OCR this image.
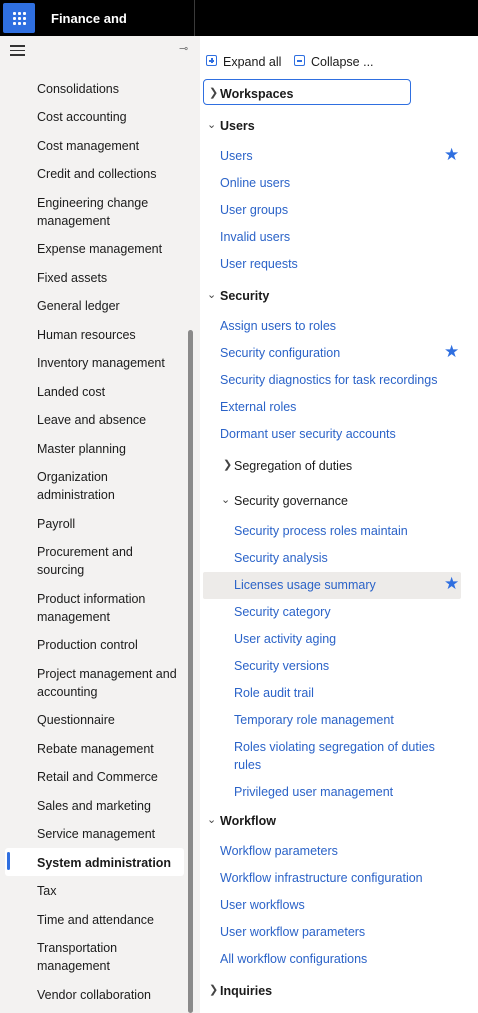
Finance and
⊸
Consolidations
Cost accounting
Cost management
Credit and collections
Engineering change management
Expense management
Fixed assets
General ledger
Human resources
Inventory management
Landed cost
Leave and absence
Master planning
Organization administration
Payroll
Procurement and sourcing
Product information management
Production control
Project management and accounting
Questionnaire
Rebate management
Retail and Commerce
Sales and marketing
Service management
System administration
Tax
Time and attendance
Transportation management
Vendor collaboration
Expand all	Collapse ...
❯ Workspaces
⌄ Users
Users	★
Online users
User groups
Invalid users
User requests
⌄ Security
Assign users to roles
Security configuration	★
Security diagnostics for task recordings
External roles
Dormant user security accounts
❯ Segregation of duties
⌄ Security governance
Security process roles maintain
Security analysis
Licenses usage summary	★
Security category
User activity aging
Security versions
Role audit trail
Temporary role management
Roles violating segregation of duties rules
Privileged user management
⌄ Workflow
Workflow parameters
Workflow infrastructure configuration
User workflows
User workflow parameters
All workflow configurations
❯ Inquiries
